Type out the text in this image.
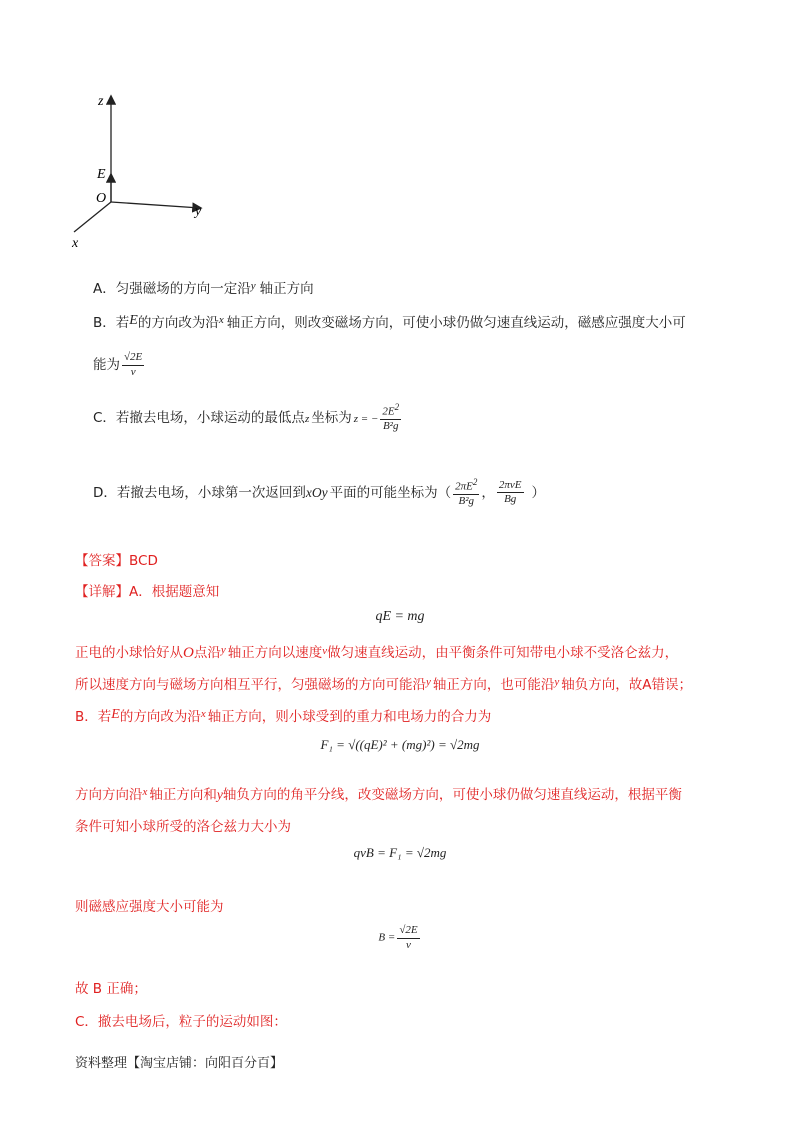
z
E
O
y
x
A．匀强磁场的方向一定沿$^y$ 轴正方向
B．若E的方向改为沿$^x$ 轴正方向，则改变磁场方向，可使小球仍做匀速直线运动，磁感应强度大小可
能为 $\frac{√2E}{v}$
C．若撤去电场，小球运动的最低点z 坐标为 z = − $\frac{2E^2}{\text{B²g}}$
D．若撤去电场，小球第一次返回到xOy 平面的可能坐标为（ $\frac{2\pi E^2}{\text{B²g}}$ ， $\frac{\text{2πvE}}{Bg}$ ）
【答案】BCD
【详解】A．根据题意知
qE = mg
正电的小球恰好从O点沿$^y$ 轴正方向以速度$^v$做匀速直线运动，由平衡条件可知带电小球不受洛仑兹力，
所以速度方向与磁场方向相互平行，匀强磁场的方向可能沿$^y$ 轴正方向，也可能沿$^y$ 轴负方向，故A错误；
B．若E的方向改为沿$^x$ 轴正方向，则小球受到的重力和电场力的合力为
F₁ = √((qE)² + (mg)²) = √2mg
方向方向沿$^x$ 轴正方向和y轴负方向的角平分线，改变磁场方向，可使小球仍做匀速直线运动，根据平衡
条件可知小球所受的洛仑兹力大小为
qvB = F₁ = √2mg
则磁感应强度大小可能为
$B = \frac{√2E}{v}$
故 B 正确；
C．撤去电场后，粒子的运动如图：
资料整理【淘宝店铺：向阳百分百】
